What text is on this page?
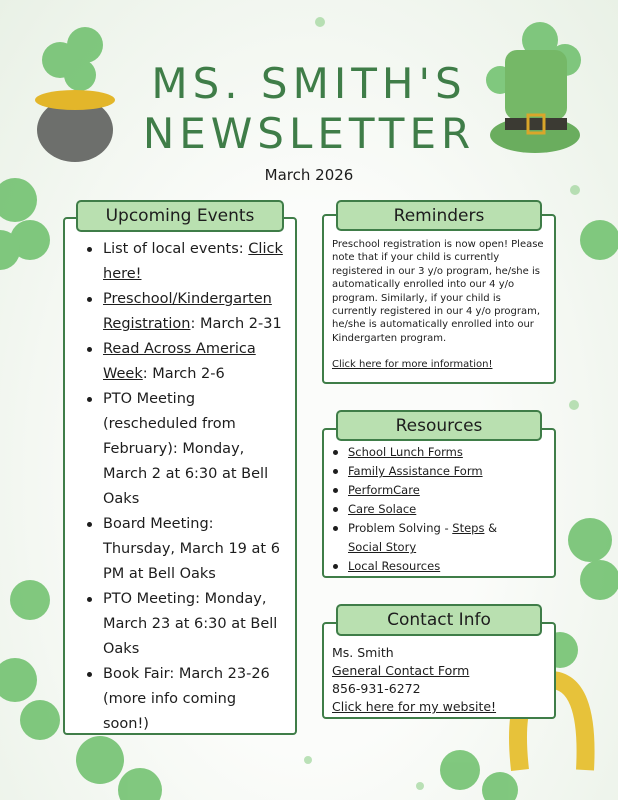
MS. SMITH'S
NEWSLETTER
March 2026
List of local events: Click here!
Preschool/Kindergarten Registration: March 2-31
Read Across America Week: March 2-6
PTO Meeting (rescheduled from February): Monday, March 2 at 6:30 at Bell Oaks
Board Meeting: Thursday, March 19 at 6 PM at Bell Oaks
PTO Meeting: Monday, March 23 at 6:30 at Bell Oaks
Book Fair: March 23-26 (more info coming soon!)
Upcoming Events
Preschool registration is now open! Please note that if your child is currently registered in our 3 y/o program, he/she is automatically enrolled into our 4 y/o program. Similarly, if your child is currently registered in our 4 y/o program, he/she is automatically enrolled into our Kindergarten program.
Click here for more information!
Reminders
School Lunch Forms
Family Assistance Form
PerformCare
Care Solace
Problem Solving - Steps &
Social Story
Local Resources
Resources
Ms. Smith
General Contact Form
856-931-6272
Click here for my website!
Contact Info
